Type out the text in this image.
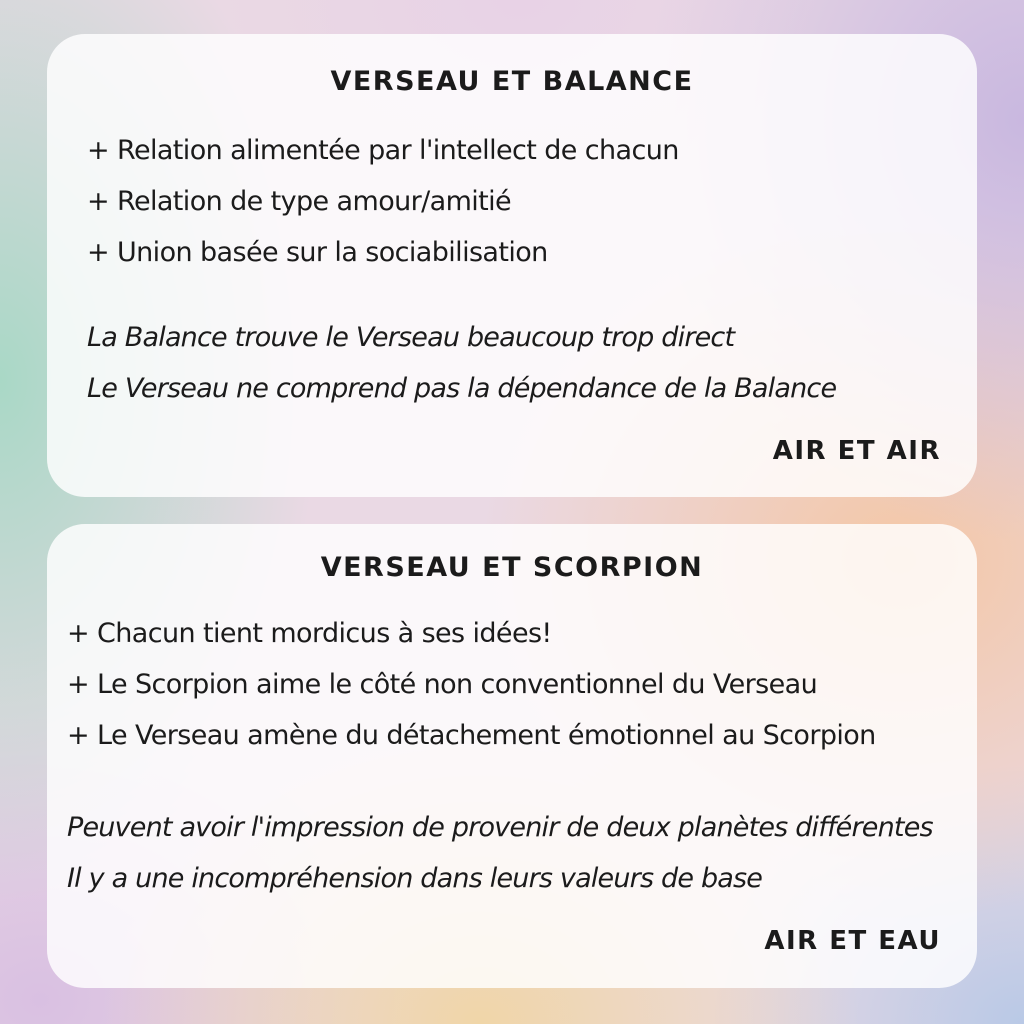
VERSEAU ET BALANCE
+ Relation alimentée par l'intellect de chacun
+ Relation de type amour/amitié
+ Union basée sur la sociabilisation
La Balance trouve le Verseau beaucoup trop direct
Le Verseau ne comprend pas la dépendance de la Balance
AIR ET AIR
VERSEAU ET SCORPION
+ Chacun tient mordicus à ses idées!
+ Le Scorpion aime le côté non conventionnel du Verseau
+ Le Verseau amène du détachement émotionnel au Scorpion
Peuvent avoir l'impression de provenir de deux planètes différentes
Il y a une incompréhension dans leurs valeurs de base
AIR ET EAU
